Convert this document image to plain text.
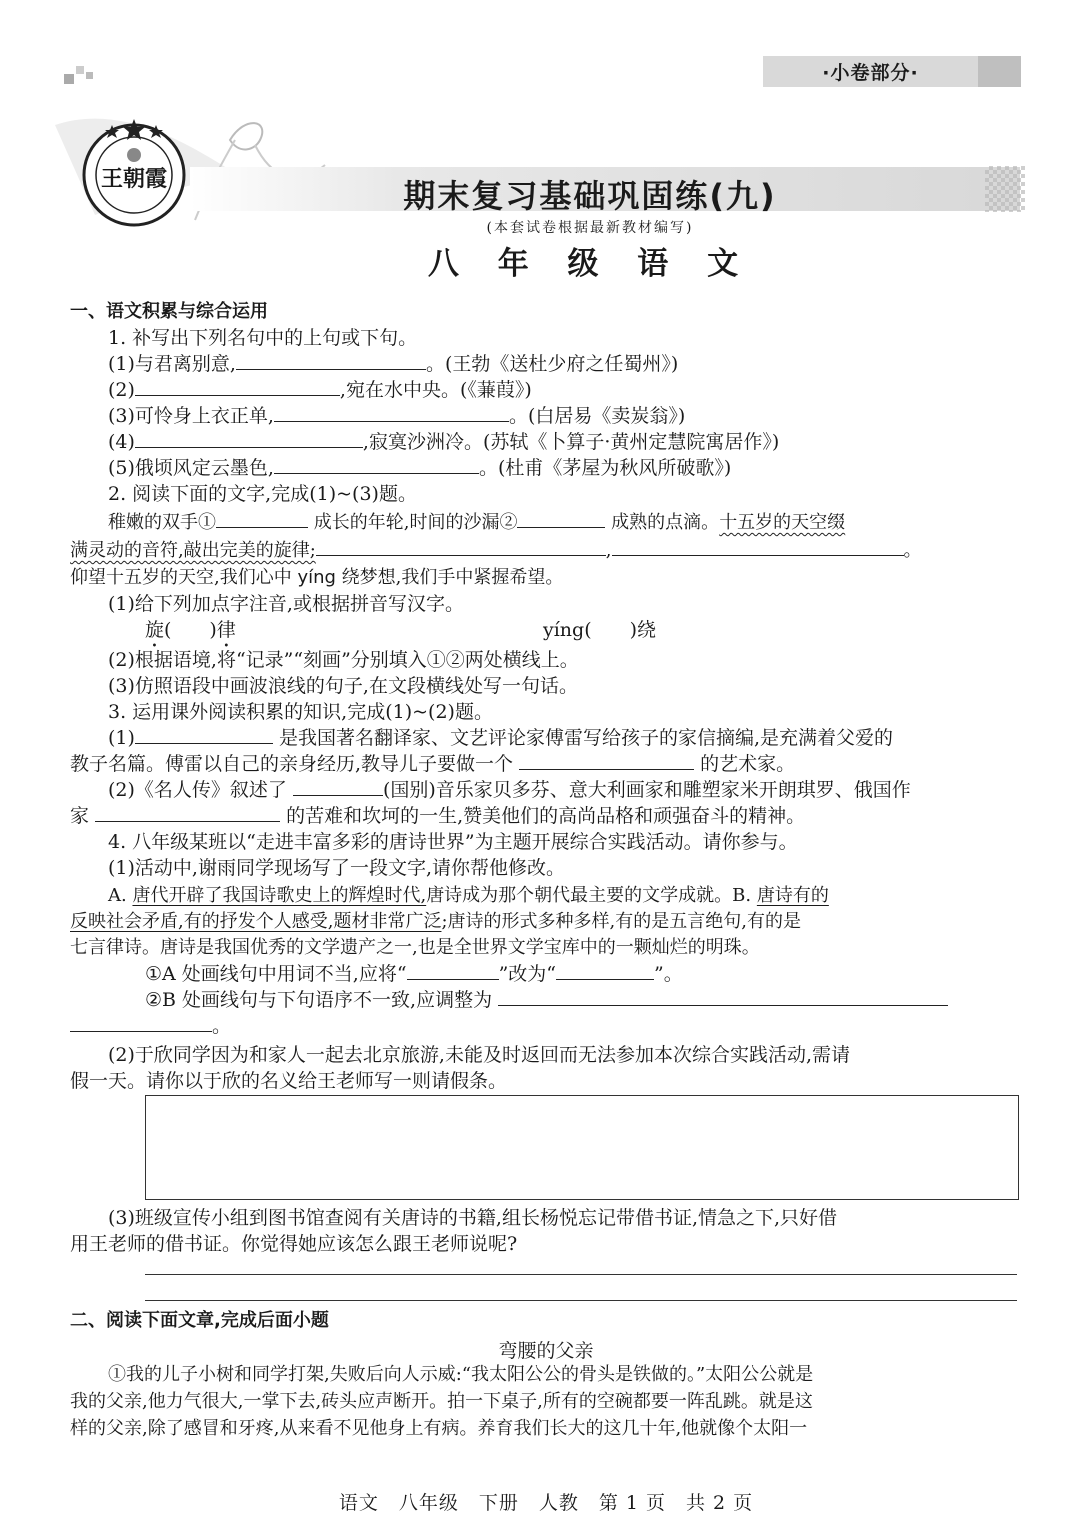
·小卷部分·
王朝霞	期末复习基础巩固练(九)
(本套试卷根据最新教材编写)
八 年 级 语 文
一、语文积累与综合运用
1. 补写出下列名句中的上句或下句。
(1)与君离别意,	。(王勃《送杜少府之任蜀州》)
(2)	,宛在水中央。(《蒹葭》)
(3)可怜身上衣正单,	。(白居易《卖炭翁》)
(4)	,寂寞沙洲冷。(苏轼《卜算子·黄州定慧院寓居作》)
(5)俄顷风定云墨色,	。(杜甫《茅屋为秋风所破歌》)
2. 阅读下面的文字,完成(1)~(3)题。
稚嫩的双手①	成长的年轮,时间的沙漏②	成熟的点滴。十五岁的天空缀
满灵动的音符,敲出完美的旋律;	,	。
仰望十五岁的天空,我们心中 yíng 绕梦想,我们手中紧握希望。
(1)给下列加点字注音,或根据拼音写汉字。
旋(　　)律	yíng(　　)绕
(2)根据语境,将“记录”“刻画”分别填入①②两处横线上。
(3)仿照语段中画波浪线的句子,在文段横线处写一句话。
3. 运用课外阅读积累的知识,完成(1)~(2)题。
(1)	是我国著名翻译家、文艺评论家傅雷写给孩子的家信摘编,是充满着父爱的
教子名篇。傅雷以自己的亲身经历,教导儿子要做一个	的艺术家。
(2)《名人传》叙述了	(国别)音乐家贝多芬、意大利画家和雕塑家米开朗琪罗、俄国作
家	的苦难和坎坷的一生,赞美他们的高尚品格和顽强奋斗的精神。
4. 八年级某班以“走进丰富多彩的唐诗世界”为主题开展综合实践活动。请你参与。
(1)活动中,谢雨同学现场写了一段文字,请你帮他修改。
A. 唐代开辟了我国诗歌史上的辉煌时代,唐诗成为那个朝代最主要的文学成就。B. 唐诗有的
反映社会矛盾,有的抒发个人感受,题材非常广泛;唐诗的形式多种多样,有的是五言绝句,有的是
七言律诗。唐诗是我国优秀的文学遗产之一,也是全世界文学宝库中的一颗灿烂的明珠。
①A 处画线句中用词不当,应将“	”改为“	”。
②B 处画线句与下句语序不一致,应调整为
。
(2)于欣同学因为和家人一起去北京旅游,未能及时返回而无法参加本次综合实践活动,需请
假一天。请你以于欣的名义给王老师写一则请假条。
(3)班级宣传小组到图书馆查阅有关唐诗的书籍,组长杨悦忘记带借书证,情急之下,只好借
用王老师的借书证。你觉得她应该怎么跟王老师说呢?
二、阅读下面文章,完成后面小题
弯腰的父亲
①我的儿子小树和同学打架,失败后向人示威:“我太阳公公的骨头是铁做的。”太阳公公就是
我的父亲,他力气很大,一掌下去,砖头应声断开。拍一下桌子,所有的空碗都要一阵乱跳。就是这
样的父亲,除了感冒和牙疼,从来看不见他身上有病。养育我们长大的这几十年,他就像个太阳一
语文　八年级　下册　人教　第 1 页　共 2 页
